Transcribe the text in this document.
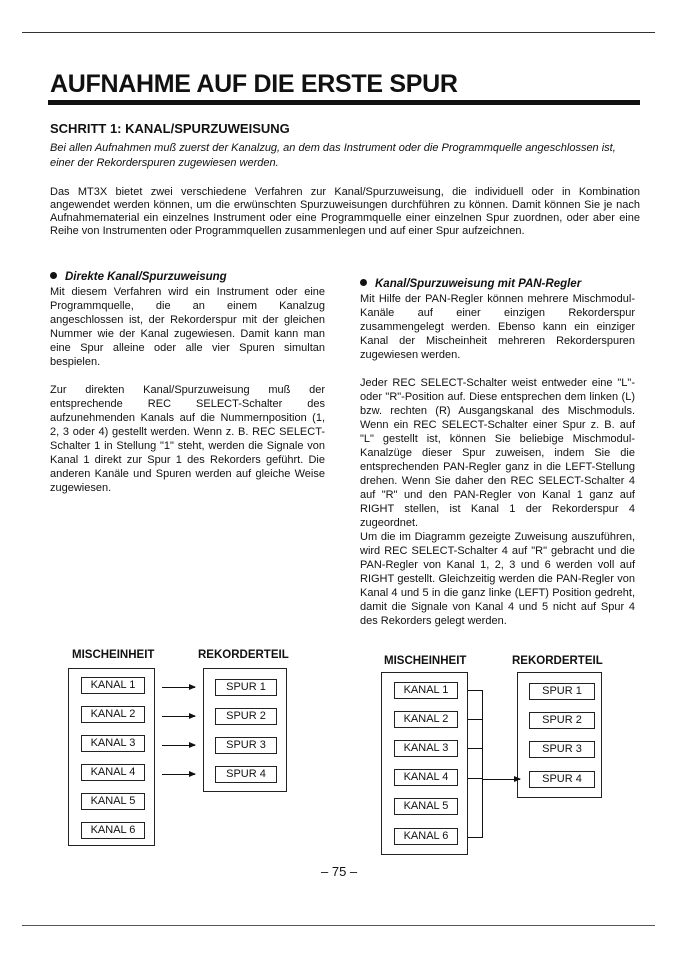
AUFNAHME AUF DIE ERSTE SPUR
SCHRITT 1: KANAL/SPURZUWEISUNG

Bei allen Aufnahmen muß zuerst der Kanalzug, an dem das Instrument oder die Programmquelle angeschlossen ist, einer der Rekorderspuren zugewiesen werden.

Das MT3X bietet zwei verschiedene Verfahren zur Kanal/Spurzuweisung, die individuell oder in Kombination angewendet werden können, um die erwünschten Spurzuweisungen durchführen zu können. Damit können Sie je nach Aufnahmematerial ein einzelnes Instrument oder eine Programmquelle einer einzelnen Spur zuordnen, oder aber eine Reihe von Instrumenten oder Programmquellen zusammenlegen und auf einer Spur aufzeichnen.

Direkte Kanal/Spurzuweisung

Mit diesem Verfahren wird ein Instrument oder eine Programmquelle, die an einem Kanalzug angeschlossen ist, der Rekorderspur mit der gleichen Nummer wie der Kanal zugewiesen. Damit kann man eine Spur alleine oder alle vier Spuren simultan bespielen.

Zur direkten Kanal/Spurzuweisung muß der entsprechende REC SELECT-Schalter des aufzunehmenden Kanals auf die Nummernposition (1, 2, 3 oder 4) gestellt werden. Wenn z. B. REC SELECT-Schalter 1 in Stellung "1" steht, werden die Signale von Kanal 1 direkt zur Spur 1 des Rekorders geführt. Die anderen Kanäle und Spuren werden auf gleiche Weise zugewiesen.

Kanal/Spurzuweisung mit PAN-Regler

Mit Hilfe der PAN-Regler können mehrere Mischmodul-Kanäle auf einer einzigen Rekorderspur zusammengelegt werden. Ebenso kann ein einziger Kanal der Mischeinheit mehreren Rekorderspuren zugewiesen werden.

Jeder REC SELECT-Schalter weist entweder eine "L"- oder "R"-Position auf. Diese entsprechen dem linken (L) bzw. rechten (R) Ausgangskanal des Mischmoduls. Wenn ein REC SELECT-Schalter einer Spur z. B. auf "L" gestellt ist, können Sie beliebige Mischmodul-Kanalzüge dieser Spur zuweisen, indem Sie die entsprechenden PAN-Regler ganz in die LEFT-Stellung drehen. Wenn Sie daher den REC SELECT-Schalter 4 auf "R" und den PAN-Regler von Kanal 1 ganz auf RIGHT stellen, ist Kanal 1 der Rekorderspur 4 zugeordnet.

Um die im Diagramm gezeigte Zuweisung auszuführen, wird REC SELECT-Schalter 4 auf "R" gebracht und die PAN-Regler von Kanal 1, 2, 3 und 6 werden voll auf RIGHT gestellt. Gleichzeitig werden die PAN-Regler von Kanal 4 und 5 in die ganz linke (LEFT) Position gedreht, damit die Signale von Kanal 4 und 5 nicht auf Spur 4 des Rekorders gelegt werden.

MISCHEINHEIT	REKORDERTEIL
KANAL 1
KANAL 2
KANAL 3
KANAL 4
KANAL 5
KANAL 6
SPUR 1
SPUR 2
SPUR 3
SPUR 4
MISCHEINHEIT	REKORDERTEIL
KANAL 1
KANAL 2
KANAL 3
KANAL 4
KANAL 5
KANAL 6
SPUR 1
SPUR 2
SPUR 3
SPUR 4

– 75 –
